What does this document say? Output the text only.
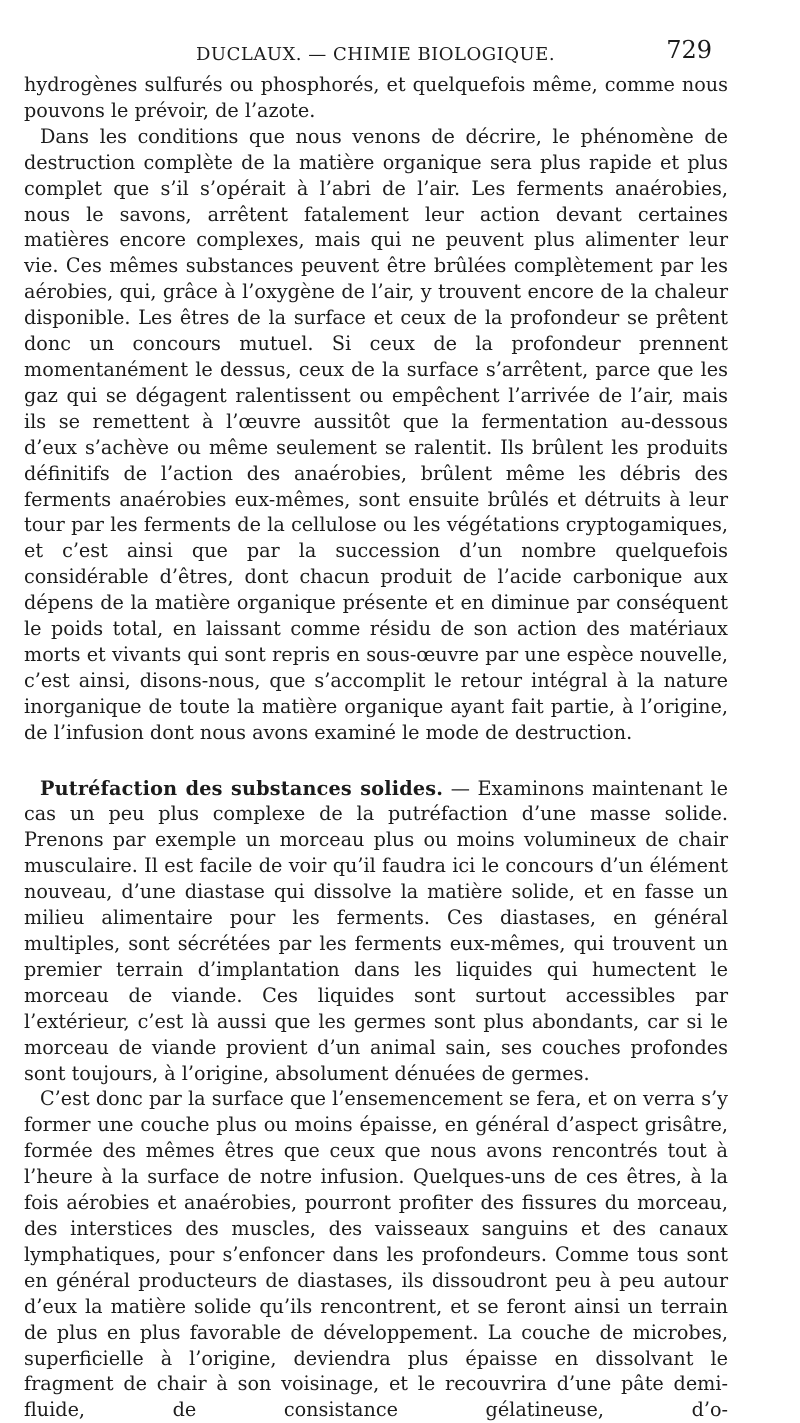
DUCLAUX. — CHIMIE BIOLOGIQUE.	729

hydrogènes sulfurés ou phosphorés, et quelquefois même, comme nous pouvons le prévoir, de l’azote.

Dans les conditions que nous venons de décrire, le phénomène de destruction complète de la matière organique sera plus rapide et plus complet que s’il s’opérait à l’abri de l’air. Les ferments anaérobies, nous le savons, arrêtent fatalement leur action devant certaines matières encore complexes, mais qui ne peuvent plus alimenter leur vie. Ces mêmes substances peuvent être brûlées complètement par les aérobies, qui, grâce à l’oxygène de l’air, y trouvent encore de la chaleur disponible. Les êtres de la surface et ceux de la profondeur se prêtent donc un concours mutuel. Si ceux de la profondeur prennent momentanément le dessus, ceux de la surface s’arrêtent, parce que les gaz qui se dégagent ralentissent ou empêchent l’arrivée de l’air, mais ils se remettent à l’œuvre aussitôt que la fermentation au-dessous d’eux s’achève ou même seulement se ralentit. Ils brûlent les produits définitifs de l’action des anaérobies, brûlent même les débris des ferments anaérobies eux-mêmes, sont ensuite brûlés et détruits à leur tour par les ferments de la cellulose ou les végétations cryptogamiques, et c’est ainsi que par la succession d’un nombre quelquefois considérable d’êtres, dont chacun produit de l’acide carbonique aux dépens de la matière organique présente et en diminue par conséquent le poids total, en laissant comme résidu de son action des matériaux morts et vivants qui sont repris en sous-œuvre par une espèce nouvelle, c’est ainsi, disons-nous, que s’accomplit le retour intégral à la nature inorganique de toute la matière organique ayant fait partie, à l’origine, de l’infusion dont nous avons examiné le mode de destruction.

Putréfaction des substances solides. — Examinons maintenant le cas un peu plus complexe de la putréfaction d’une masse solide. Prenons par exemple un morceau plus ou moins volumineux de chair musculaire. Il est facile de voir qu’il faudra ici le concours d’un élément nouveau, d’une diastase qui dissolve la matière solide, et en fasse un milieu alimentaire pour les ferments. Ces diastases, en général multiples, sont sécrétées par les ferments eux-mêmes, qui trouvent un premier terrain d’implantation dans les liquides qui humectent le morceau de viande. Ces liquides sont surtout accessibles par l’extérieur, c’est là aussi que les germes sont plus abondants, car si le morceau de viande provient d’un animal sain, ses couches profondes sont toujours, à l’origine, absolument dénuées de germes.

C’est donc par la surface que l’ensemencement se fera, et on verra s’y former une couche plus ou moins épaisse, en général d’aspect grisâtre, formée des mêmes êtres que ceux que nous avons rencontrés tout à l’heure à la surface de notre infusion. Quelques-uns de ces êtres, à la fois aérobies et anaérobies, pourront profiter des fissures du morceau, des interstices des muscles, des vaisseaux sanguins et des canaux lymphatiques, pour s’enfoncer dans les profondeurs. Comme tous sont en général producteurs de diastases, ils dissoudront peu à peu autour d’eux la matière solide qu’ils rencontrent, et se feront ainsi un terrain de plus en plus favorable de développement. La couche de microbes, superficielle à l’origine, deviendra plus épaisse en dissolvant le fragment de chair à son voisinage, et le recouvrira d’une pâte demi-fluide, de consistance gélatineuse, d’o-
